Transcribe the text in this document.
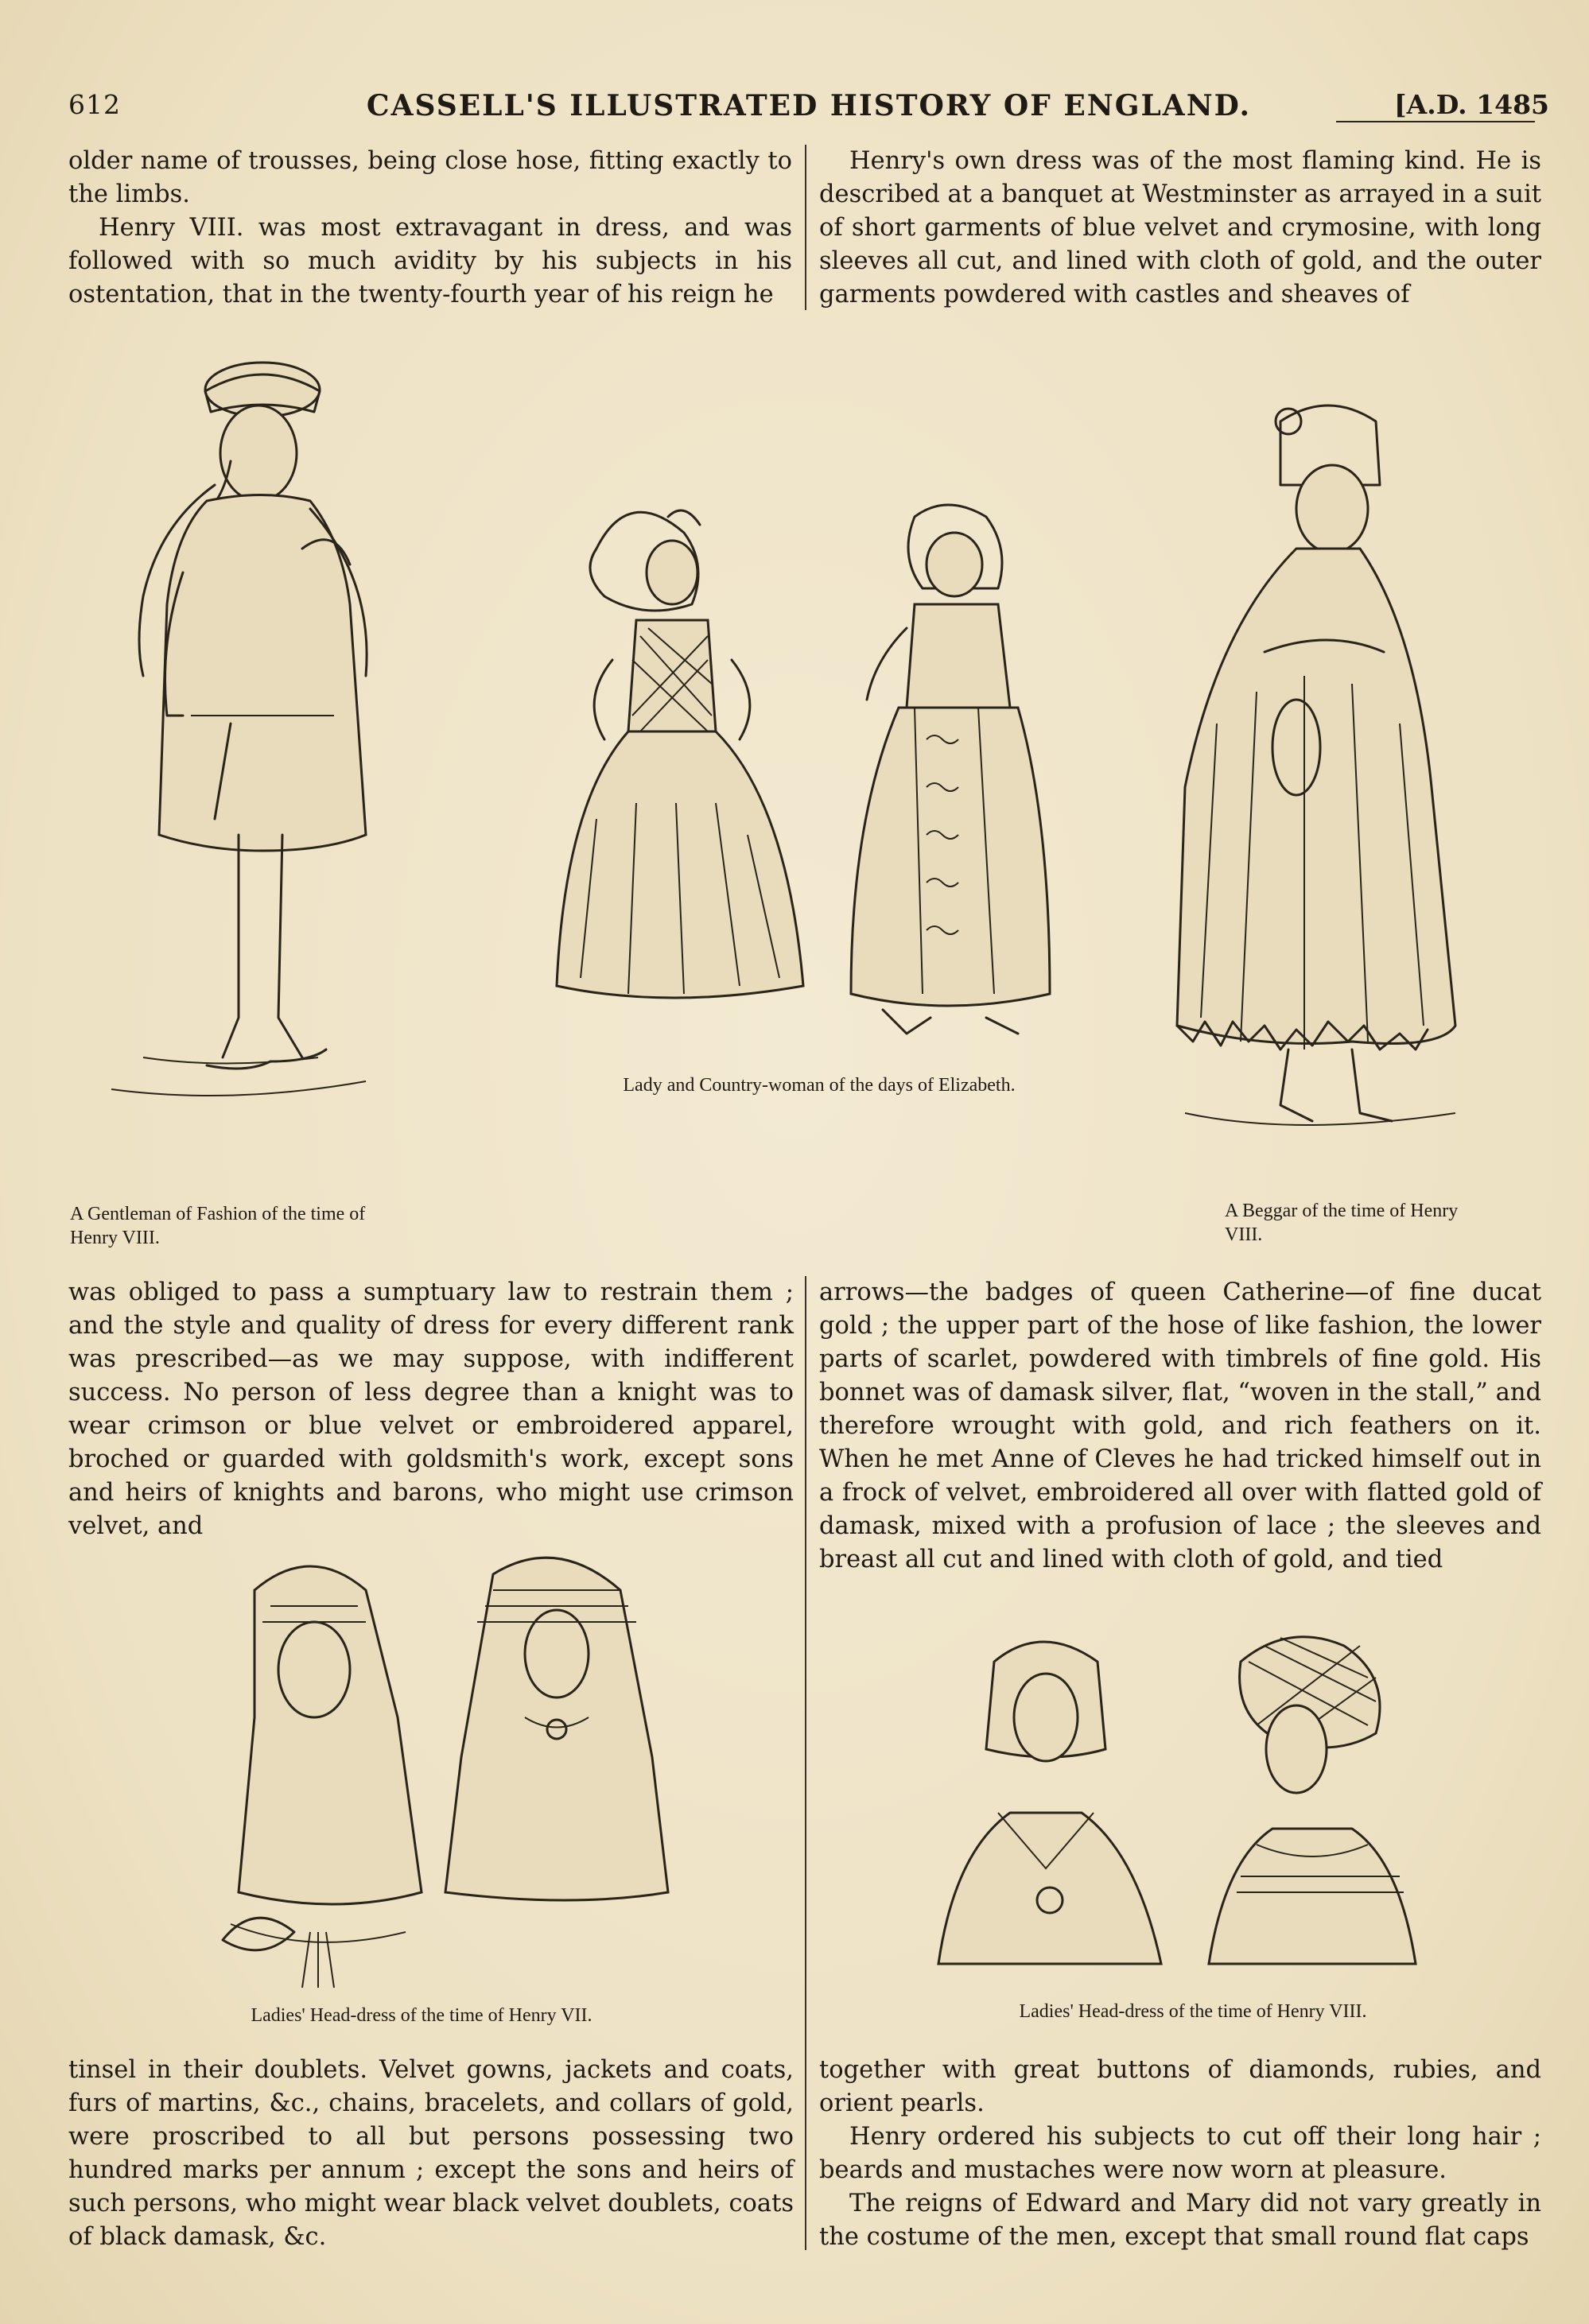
612	CASSELL'S ILLUSTRATED HISTORY OF ENGLAND.	[A.D. 1485

older name of trousses, being close hose, fitting exactly to the limbs.

Henry VIII. was most extravagant in dress, and was followed with so much avidity by his subjects in his ostentation, that in the twenty-fourth year of his reign he

Henry's own dress was of the most flaming kind. He is described at a banquet at Westminster as arrayed in a suit of short garments of blue velvet and crymosine, with long sleeves all cut, and lined with cloth of gold, and the outer garments powdered with castles and sheaves of

A Gentleman of Fashion of the time of Henry VIII.
Lady and Country-woman of the days of Elizabeth.
A Beggar of the time of Henry VIII.

was obliged to pass a sumptuary law to restrain them ; and the style and quality of dress for every different rank was prescribed—as we may suppose, with indifferent success. No person of less degree than a knight was to wear crimson or blue velvet or embroidered apparel, broched or guarded with goldsmith's work, except sons and heirs of knights and barons, who might use crimson velvet, and

arrows—the badges of queen Catherine—of fine ducat gold ; the upper part of the hose of like fashion, the lower parts of scarlet, powdered with timbrels of fine gold. His bonnet was of damask silver, flat, “woven in the stall,” and therefore wrought with gold, and rich feathers on it. When he met Anne of Cleves he had tricked himself out in a frock of velvet, embroidered all over with flatted gold of damask, mixed with a profusion of lace ; the sleeves and breast all cut and lined with cloth of gold, and tied

Ladies' Head-dress of the time of Henry VII.	Ladies' Head-dress of the time of Henry VIII.

tinsel in their doublets. Velvet gowns, jackets and coats, furs of martins, &c., chains, bracelets, and collars of gold, were proscribed to all but persons possessing two hundred marks per annum ; except the sons and heirs of such persons, who might wear black velvet doublets, coats of black damask, &c.

together with great buttons of diamonds, rubies, and orient pearls.

Henry ordered his subjects to cut off their long hair ; beards and mustaches were now worn at pleasure.

The reigns of Edward and Mary did not vary greatly in the costume of the men, except that small round flat caps
